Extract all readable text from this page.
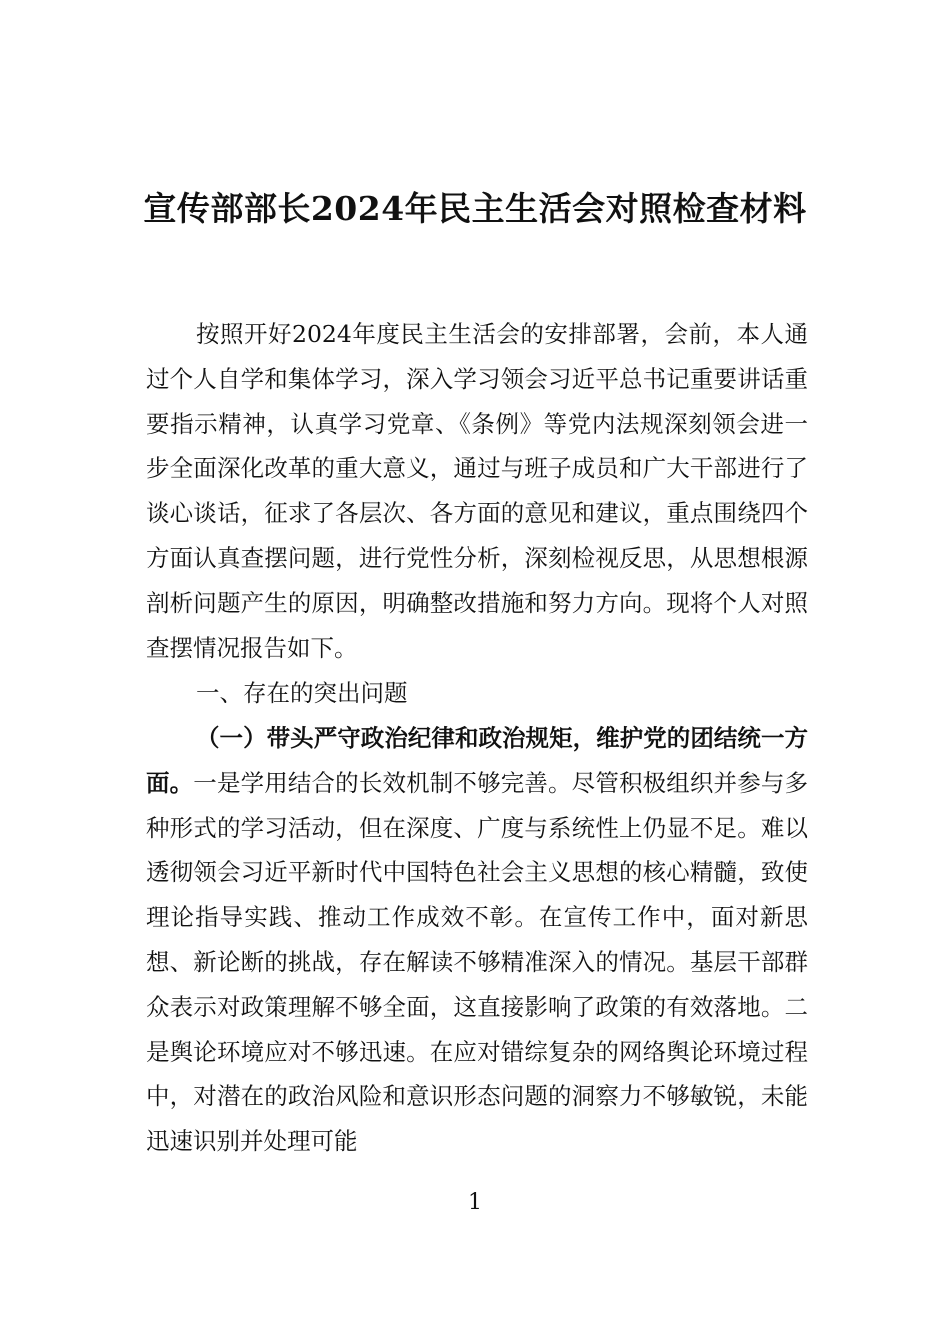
宣传部部长2024年民主生活会对照检查材料
按照开好2024年度民主生活会的安排部署，会前，本人通过个人自学和集体学习，深入学习领会习近平总书记重要讲话重要指示精神，认真学习党章、《条例》等党内法规深刻领会进一步全面深化改革的重大意义，通过与班子成员和广大干部进行了谈心谈话，征求了各层次、各方面的意见和建议，重点围绕四个方面认真查摆问题，进行党性分析，深刻检视反思，从思想根源剖析问题产生的原因，明确整改措施和努力方向。现将个人对照查摆情况报告如下。
一、存在的突出问题
（一）带头严守政治纪律和政治规矩，维护党的团结统一方面。一是学用结合的长效机制不够完善。尽管积极组织并参与多种形式的学习活动，但在深度、广度与系统性上仍显不足。难以透彻领会习近平新时代中国特色社会主义思想的核心精髓，致使理论指导实践、推动工作成效不彰。在宣传工作中，面对新思想、新论断的挑战，存在解读不够精准深入的情况。基层干部群众表示对政策理解不够全面，这直接影响了政策的有效落地。二是舆论环境应对不够迅速。在应对错综复杂的网络舆论环境过程中，对潜在的政治风险和意识形态问题的洞察力不够敏锐，未能迅速识别并处理可能
1
